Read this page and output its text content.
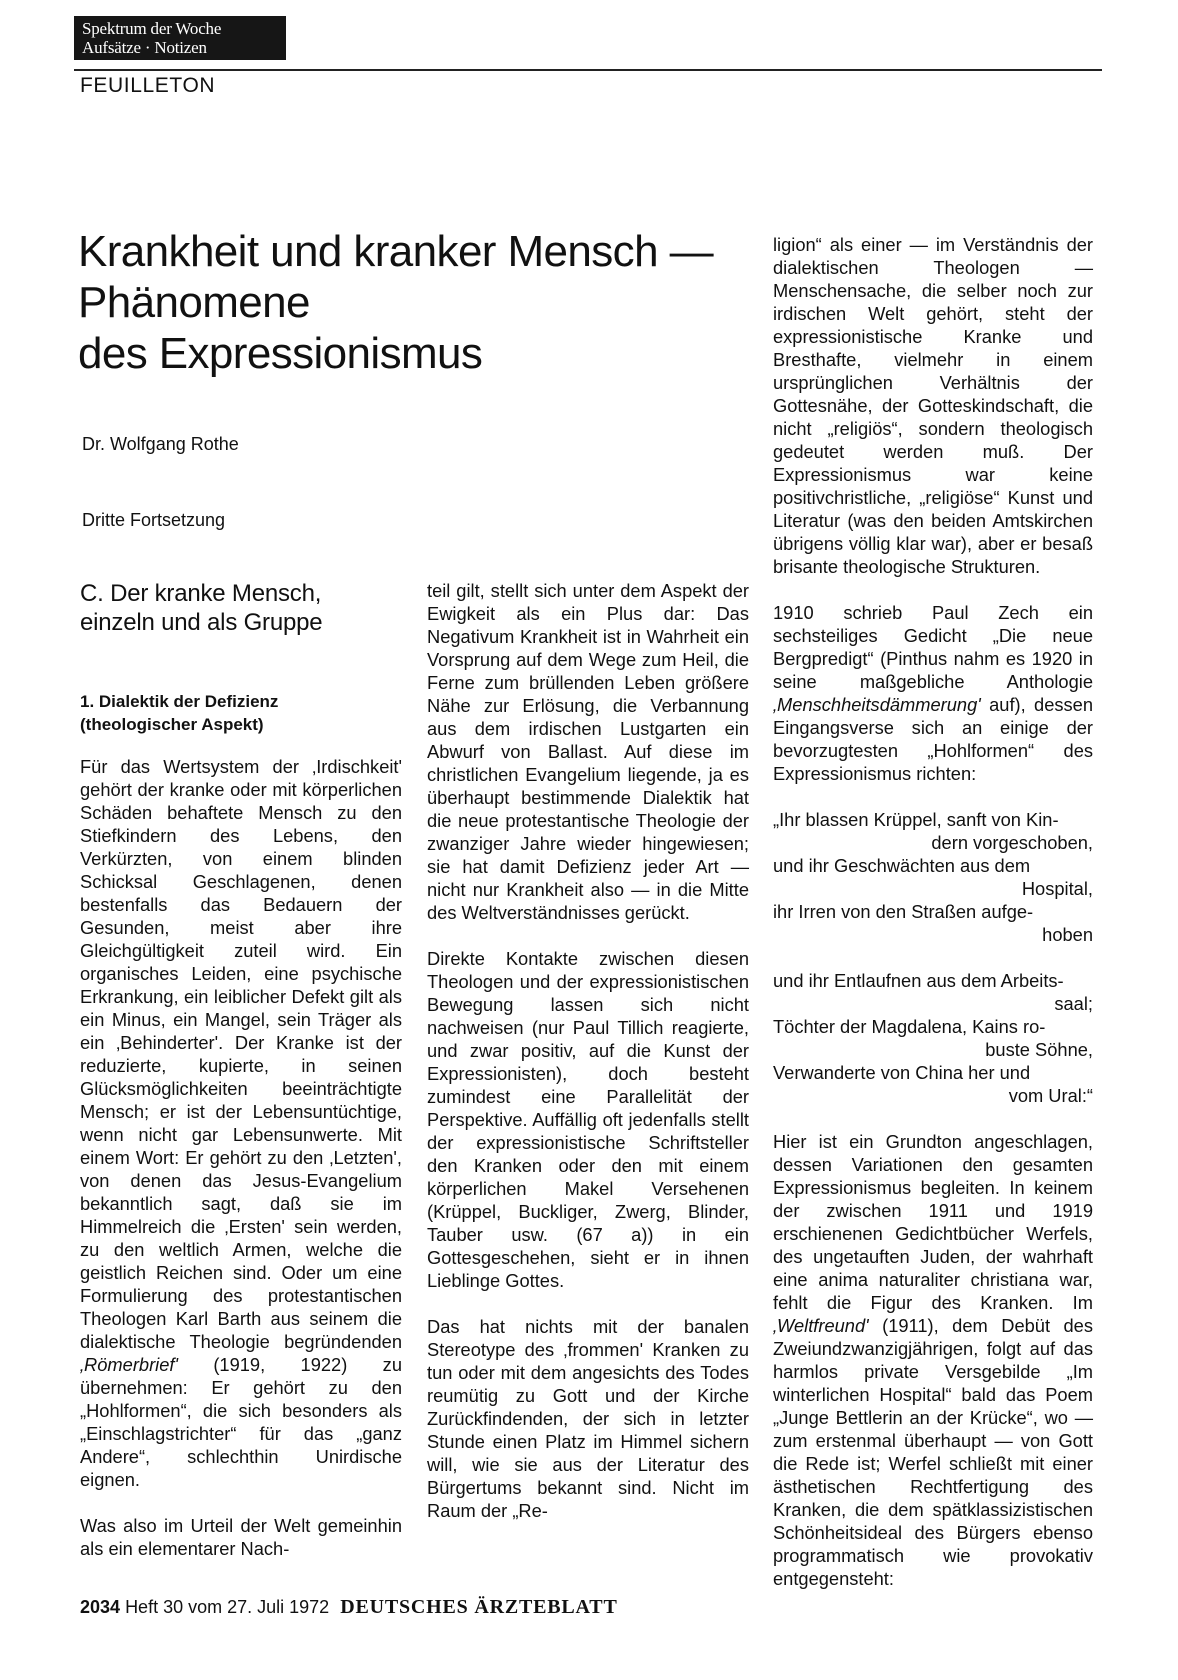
Spektrum der Woche
Aufsätze · Notizen
FEUILLETON
Krankheit und kranker Mensch —
Phänomene
des Expressionismus
Dr. Wolfgang Rothe
Dritte Fortsetzung
C. Der kranke Mensch,
einzeln und als Gruppe
1. Dialektik der Defizienz
(theologischer Aspekt)

Für das Wertsystem der ‚Irdischkeit' gehört der kranke oder mit körperlichen Schäden behaftete Mensch zu den Stiefkindern des Lebens, den Verkürzten, von einem blinden Schicksal Geschlagenen, denen bestenfalls das Bedauern der Gesunden, meist aber ihre Gleichgültigkeit zuteil wird. Ein organisches Leiden, eine psychische Erkrankung, ein leiblicher Defekt gilt als ein Minus, ein Mangel, sein Träger als ein ‚Behinderter'. Der Kranke ist der reduzierte, kupierte, in seinen Glücksmöglichkeiten beeinträchtigte Mensch; er ist der Lebensuntüchtige, wenn nicht gar Lebensunwerte. Mit einem Wort: Er gehört zu den ‚Letzten', von denen das Jesus-Evangelium bekanntlich sagt, daß sie im Himmelreich die ‚Ersten' sein werden, zu den weltlich Armen, welche die geistlich Reichen sind. Oder um eine Formulierung des protestantischen Theologen Karl Barth aus seinem die dialektische Theologie begründenden ‚Römerbrief' (1919, 1922) zu übernehmen: Er gehört zu den „Hohlformen“, die sich besonders als „Einschlagstrichter“ für das „ganz Andere“, schlechthin Unirdische eignen.

Was also im Urteil der Welt gemeinhin als ein elementarer Nach-

teil gilt, stellt sich unter dem Aspekt der Ewigkeit als ein Plus dar: Das Negativum Krankheit ist in Wahrheit ein Vorsprung auf dem Wege zum Heil, die Ferne zum brüllenden Leben größere Nähe zur Erlösung, die Verbannung aus dem irdischen Lustgarten ein Abwurf von Ballast. Auf diese im christlichen Evangelium liegende, ja es überhaupt bestimmende Dialektik hat die neue protestantische Theologie der zwanziger Jahre wieder hingewiesen; sie hat damit Defizienz jeder Art — nicht nur Krankheit also — in die Mitte des Weltverständnisses gerückt.

Direkte Kontakte zwischen diesen Theologen und der expressionistischen Bewegung lassen sich nicht nachweisen (nur Paul Tillich reagierte, und zwar positiv, auf die Kunst der Expressionisten), doch besteht zumindest eine Parallelität der Perspektive. Auffällig oft jedenfalls stellt der expressionistische Schriftsteller den Kranken oder den mit einem körperlichen Makel Versehenen (Krüppel, Buckliger, Zwerg, Blinder, Tauber usw. (67 a)) in ein Gottesgeschehen, sieht er in ihnen Lieblinge Gottes.

Das hat nichts mit der banalen Stereotype des ‚frommen' Kranken zu tun oder mit dem angesichts des Todes reumütig zu Gott und der Kirche Zurückfindenden, der sich in letzter Stunde einen Platz im Himmel sichern will, wie sie aus der Literatur des Bürgertums bekannt sind. Nicht im Raum der „Re-

ligion“ als einer — im Verständnis der dialektischen Theologen — Menschensache, die selber noch zur irdischen Welt gehört, steht der expressionistische Kranke und Bresthafte, vielmehr in einem ursprünglichen Verhältnis der Gottesnähe, der Gotteskindschaft, die nicht „religiös“, sondern theologisch gedeutet werden muß. Der Expressionismus war keine positivchristliche, „religiöse“ Kunst und Literatur (was den beiden Amtskirchen übrigens völlig klar war), aber er besaß brisante theologische Strukturen.

1910 schrieb Paul Zech ein sechsteiliges Gedicht „Die neue Bergpredigt“ (Pinthus nahm es 1920 in seine maßgebliche Anthologie ‚Menschheitsdämmerung' auf), dessen Eingangsverse sich an einige der bevorzugtesten „Hohlformen“ des Expressionismus richten:

„Ihr blassen Krüppel, sanft von Kin-
dern vorgeschoben,
und ihr Geschwächten aus dem
Hospital,
ihr Irren von den Straßen aufge-
hoben
und ihr Entlaufnen aus dem Arbeits-
saal;
Töchter der Magdalena, Kains ro-
buste Söhne,
Verwanderte von China her und
vom Ural:“

Hier ist ein Grundton angeschlagen, dessen Variationen den gesamten Expressionismus begleiten. In keinem der zwischen 1911 und 1919 erschienenen Gedichtbücher Werfels, des ungetauften Juden, der wahrhaft eine anima naturaliter christiana war, fehlt die Figur des Kranken. Im ‚Weltfreund' (1911), dem Debüt des Zweiundzwanzigjährigen, folgt auf das harmlos private Versgebilde „Im winterlichen Hospital“ bald das Poem „Junge Bettlerin an der Krücke“, wo — zum erstenmal überhaupt — von Gott die Rede ist; Werfel schließt mit einer ästhetischen Rechtfertigung des Kranken, die dem spätklassizistischen Schönheitsideal des Bürgers ebenso programmatisch wie provokativ entgegensteht:

2034 Heft 30 vom 27. Juli 1972 DEUTSCHES ÄRZTEBLATT
